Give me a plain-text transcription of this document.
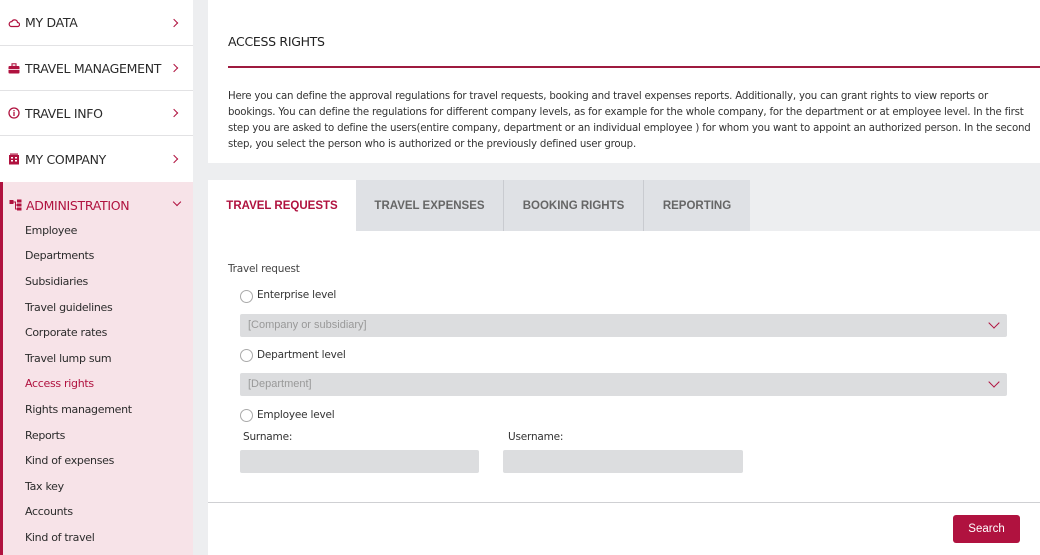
MY DATA
TRAVEL MANAGEMENT
TRAVEL INFO
MY COMPANY
ADMINISTRATION
Employee
Departments
Subsidiaries
Travel guidelines
Corporate rates
Travel lump sum
Access rights
Rights management
Reports
Kind of expenses
Tax key
Accounts
Kind of travel
ACCESS RIGHTS
Here you can define the approval regulations for travel requests, booking and travel expenses reports. Additionally, you can grant rights to view reports or bookings. You can define the regulations for different company levels, as for example for the whole company, for the department or at employee level. In the first step you are asked to define the users(entire company, department or an individual employee ) for whom you want to appoint an authorized person. In the second step, you select the person who is authorized or the previously defined user group.
TRAVEL REQUESTS	TRAVEL EXPENSES	BOOKING RIGHTS	REPORTING
Travel request
Enterprise level
[Company or subsidiary]
Department level
[Department]
Employee level
Surname:	Username:
Search
